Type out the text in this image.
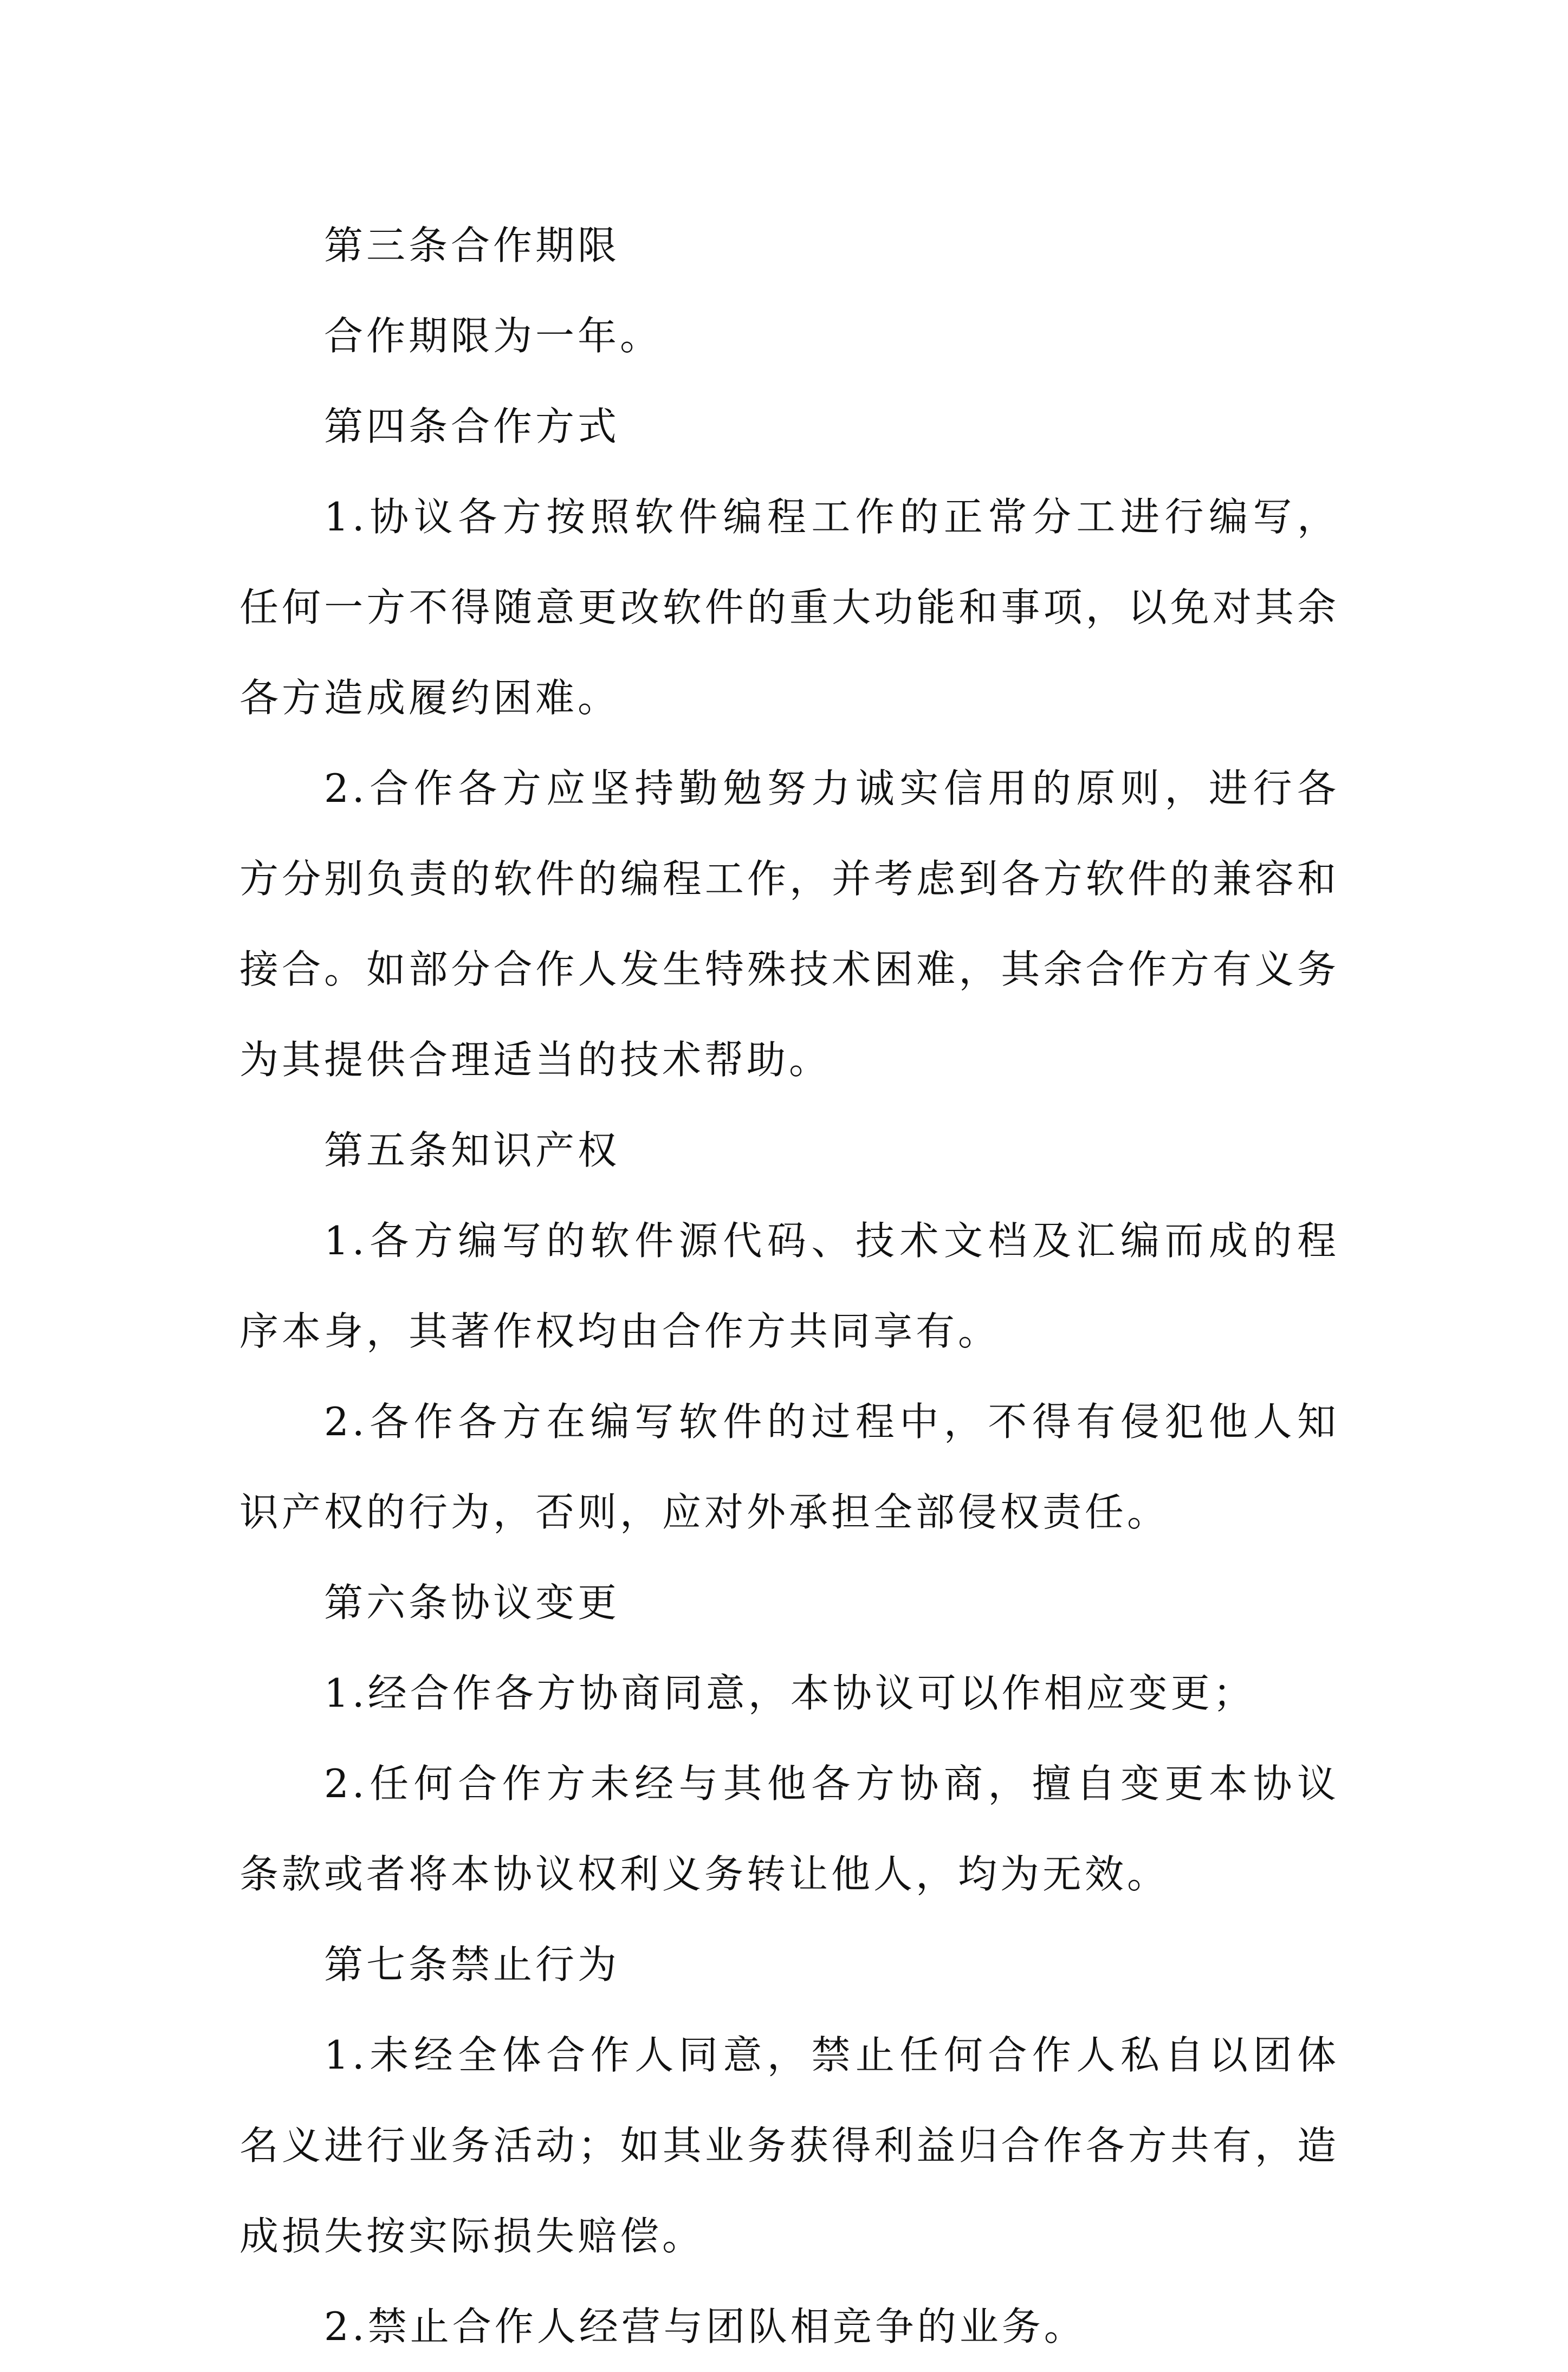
第三条合作期限

合作期限为一年。

第四条合作方式

1.协议各方按照软件编程工作的正常分工进行编写，任何一方不得随意更改软件的重大功能和事项，以免对其余各方造成履约困难。

2.合作各方应坚持勤勉努力诚实信用的原则，进行各方分别负责的软件的编程工作，并考虑到各方软件的兼容和接合。如部分合作人发生特殊技术困难，其余合作方有义务为其提供合理适当的技术帮助。

第五条知识产权

1.各方编写的软件源代码、技术文档及汇编而成的程序本身，其著作权均由合作方共同享有。

2.各作各方在编写软件的过程中，不得有侵犯他人知识产权的行为，否则，应对外承担全部侵权责任。

第六条协议变更

1.经合作各方协商同意，本协议可以作相应变更；

2.任何合作方未经与其他各方协商，擅自变更本协议条款或者将本协议权利义务转让他人，均为无效。

第七条禁止行为

1.未经全体合作人同意，禁止任何合作人私自以团体名义进行业务活动；如其业务获得利益归合作各方共有，造成损失按实际损失赔偿。

2.禁止合作人经营与团队相竞争的业务。
